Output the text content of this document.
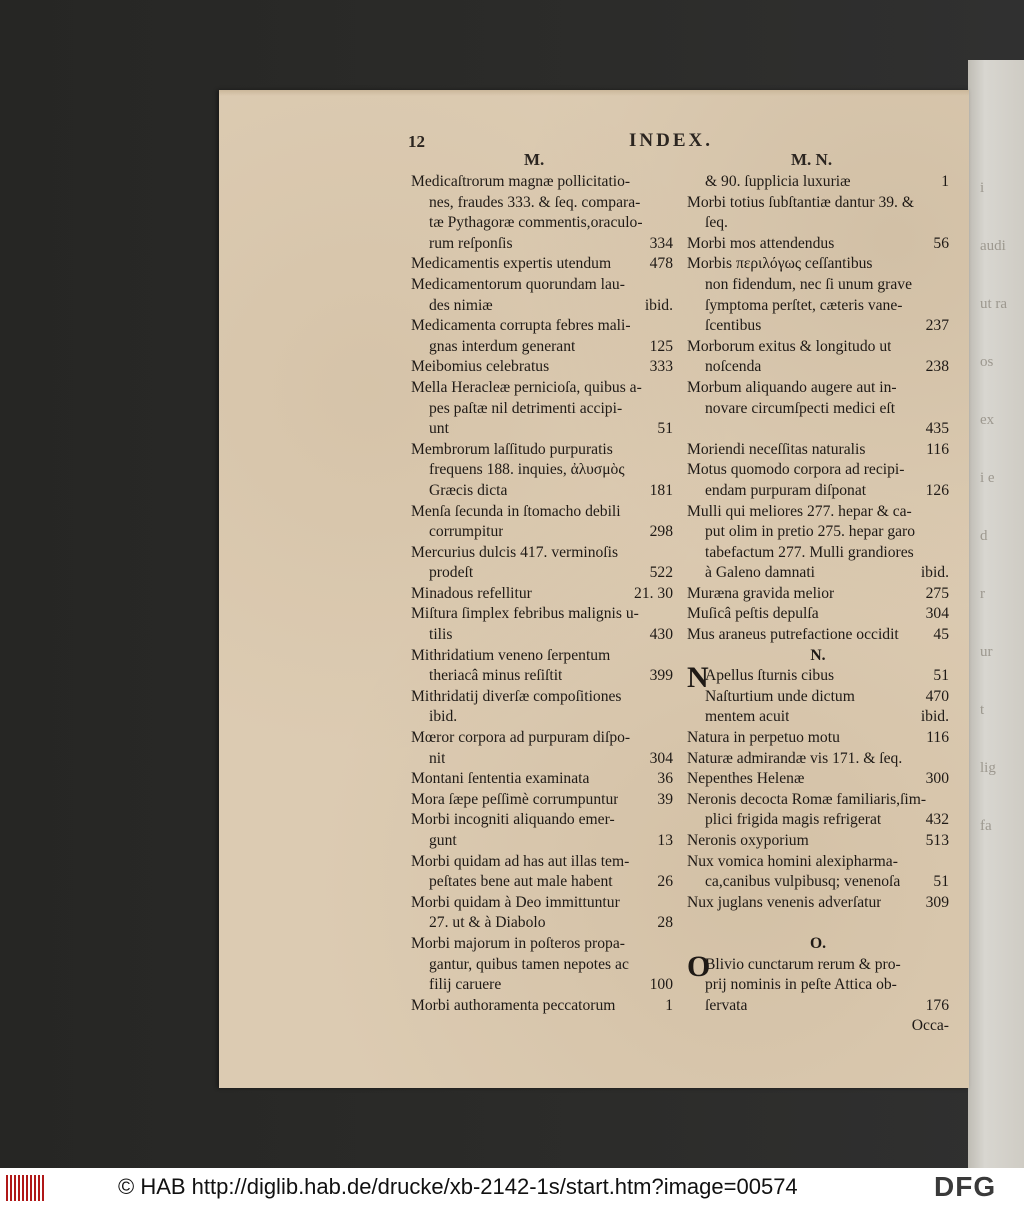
i
audi
ut ra
os
ex
i e
d
r
ur
t
lig
fa
12	INDEX.
M.	M. N.
Medicaſtrorum magnæ pollicitatio-
nes, fraudes 333. & ſeq. compara-
tæ Pythagoræ commentis,oraculo-
rum reſponſis	334
Medicamentis expertis utendum	478
Medicamentorum quorundam lau-
des nimiæ	ibid.
Medicamenta corrupta febres mali-
gnas interdum generant	125
Meibomius celebratus	333
Mella Heracleæ pernicioſa, quibus a-
pes paſtæ nil detrimenti accipi-
unt	51
Membrorum laſſitudo purpuratis
frequens 188. inquies, ἀλυσμὸς
Græcis dicta	181
Menſa ſecunda in ſtomacho debili
corrumpitur	298
Mercurius dulcis 417. verminoſis
prodeſt	522
Minadous refellitur	21. 30
Miſtura ſimplex febribus malignis u-
tilis	430
Mithridatium veneno ſerpentum
theriacâ minus reſiſtit	399
Mithridatij diverſæ compoſitiones
ibid.
Mœror corpora ad purpuram diſpo-
nit	304
Montani ſententia examinata	36
Mora ſæpe peſſimè corrumpuntur	39
Morbi incogniti aliquando emer-
gunt	13
Morbi quidam ad has aut illas tem-
peſtates bene aut male habent	26
Morbi quidam à Deo immittuntur
27. ut & à Diabolo	28
Morbi majorum in poſteros propa-
gantur, quibus tamen nepotes ac
filij caruere	100
Morbi authoramenta peccatorum	1
& 90. ſupplicia luxuriæ	1
Morbi totius ſubſtantiæ dantur 39. &
ſeq.
Morbi mos attendendus	56
Morbis περιλόγως ceſſantibus
non fidendum, nec ſi unum grave
ſymptoma perſtet, cæteris vane-
ſcentibus	237
Morborum exitus & longitudo ut
noſcenda	238
Morbum aliquando augere aut in-
novare circumſpecti medici eſt
435
Moriendi neceſſitas naturalis	116
Motus quomodo corpora ad recipi-
endam purpuram diſponat	126
Mulli qui meliores 277. hepar & ca-
put olim in pretio 275. hepar garo
tabefactum 277. Mulli grandiores
à Galeno damnati	ibid.
Muræna gravida melior	275
Muſicâ peſtis depulſa	304
Mus araneus putrefactione occidit	45
N.
N
Apellus ſturnis cibus	51
Naſturtium unde dictum	470
mentem acuit	ibid.
Natura in perpetuo motu	116
Naturæ admirandæ vis 171. & ſeq.
Nepenthes Helenæ	300
Neronis decocta Romæ familiaris,ſim-
plici frigida magis refrigerat	432
Neronis oxyporium	513
Nux vomica homini alexipharma-
ca,canibus vulpibusq; venenoſa	51
Nux juglans venenis adverſatur	309
O.
O
Blivio cunctarum rerum & pro-
prij nominis in peſte Attica ob-
ſervata	176
Occa-
© HAB http://diglib.hab.de/drucke/xb-2142-1s/start.htm?image=00574	DFG
